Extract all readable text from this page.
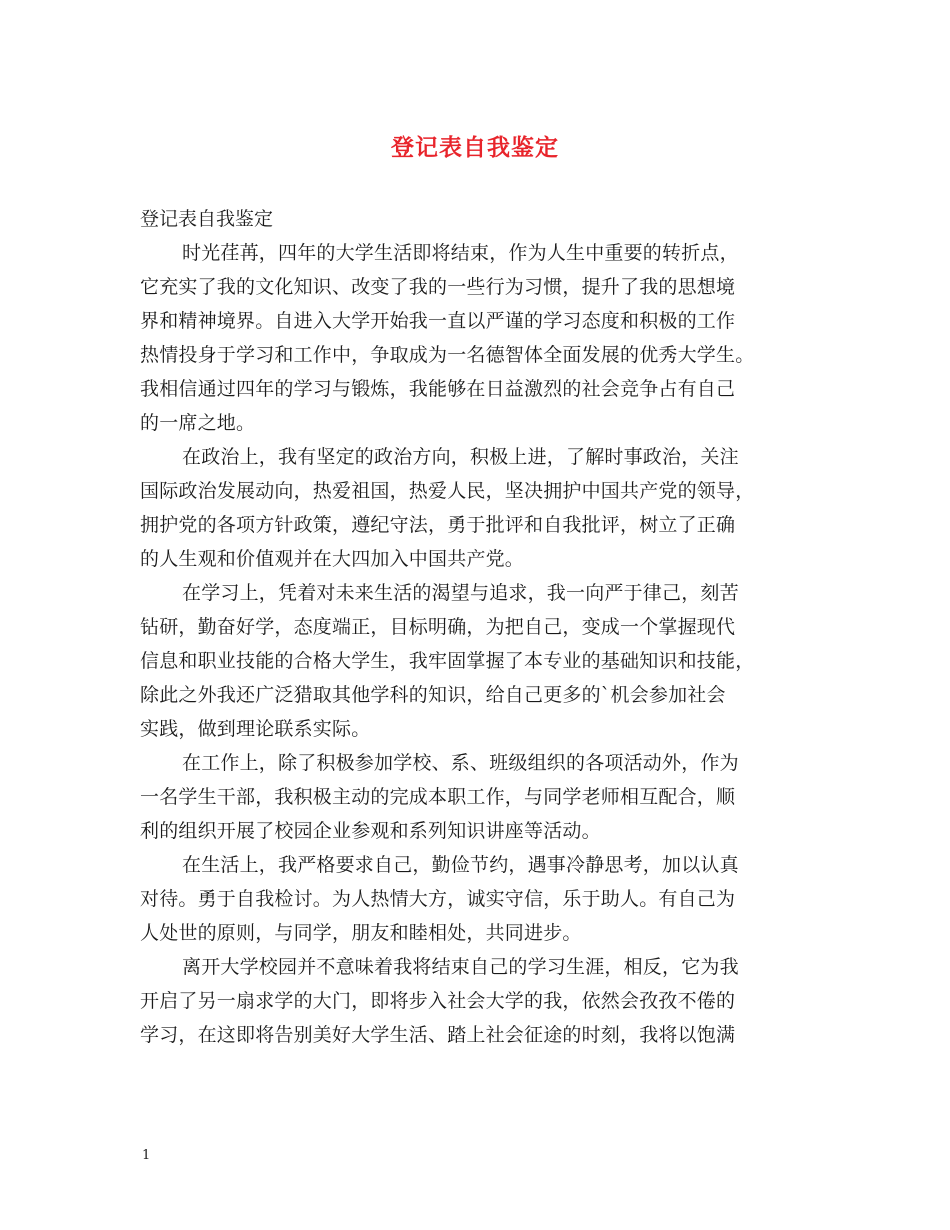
登记表自我鉴定

登记表自我鉴定

时光荏苒，四年的大学生活即将结束，作为人生中重要的转折点，
它充实了我的文化知识、改变了我的一些行为习惯，提升了我的思想境
界和精神境界。自进入大学开始我一直以严谨的学习态度和积极的工作
热情投身于学习和工作中，争取成为一名德智体全面发展的优秀大学生。
我相信通过四年的学习与锻炼，我能够在日益激烈的社会竞争占有自己
的一席之地。
在政治上，我有坚定的政治方向，积极上进，了解时事政治，关注
国际政治发展动向，热爱祖国，热爱人民，坚决拥护中国共产党的领导，
拥护党的各项方针政策，遵纪守法，勇于批评和自我批评，树立了正确
的人生观和价值观并在大四加入中国共产党。
在学习上，凭着对未来生活的渴望与追求，我一向严于律己，刻苦
钻研，勤奋好学，态度端正，目标明确，为把自己，变成一个掌握现代
信息和职业技能的合格大学生，我牢固掌握了本专业的基础知识和技能，
除此之外我还广泛猎取其他学科的知识，给自己更多的`机会参加社会
实践，做到理论联系实际。
在工作上，除了积极参加学校、系、班级组织的各项活动外，作为
一名学生干部，我积极主动的完成本职工作，与同学老师相互配合，顺
利的组织开展了校园企业参观和系列知识讲座等活动。
在生活上，我严格要求自己，勤俭节约，遇事冷静思考，加以认真
对待。勇于自我检讨。为人热情大方，诚实守信，乐于助人。有自己为
人处世的原则，与同学，朋友和睦相处，共同进步。
离开大学校园并不意味着我将结束自己的学习生涯，相反，它为我
开启了另一扇求学的大门，即将步入社会大学的我，依然会孜孜不倦的
学习，在这即将告别美好大学生活、踏上社会征途的时刻，我将以饱满
1
